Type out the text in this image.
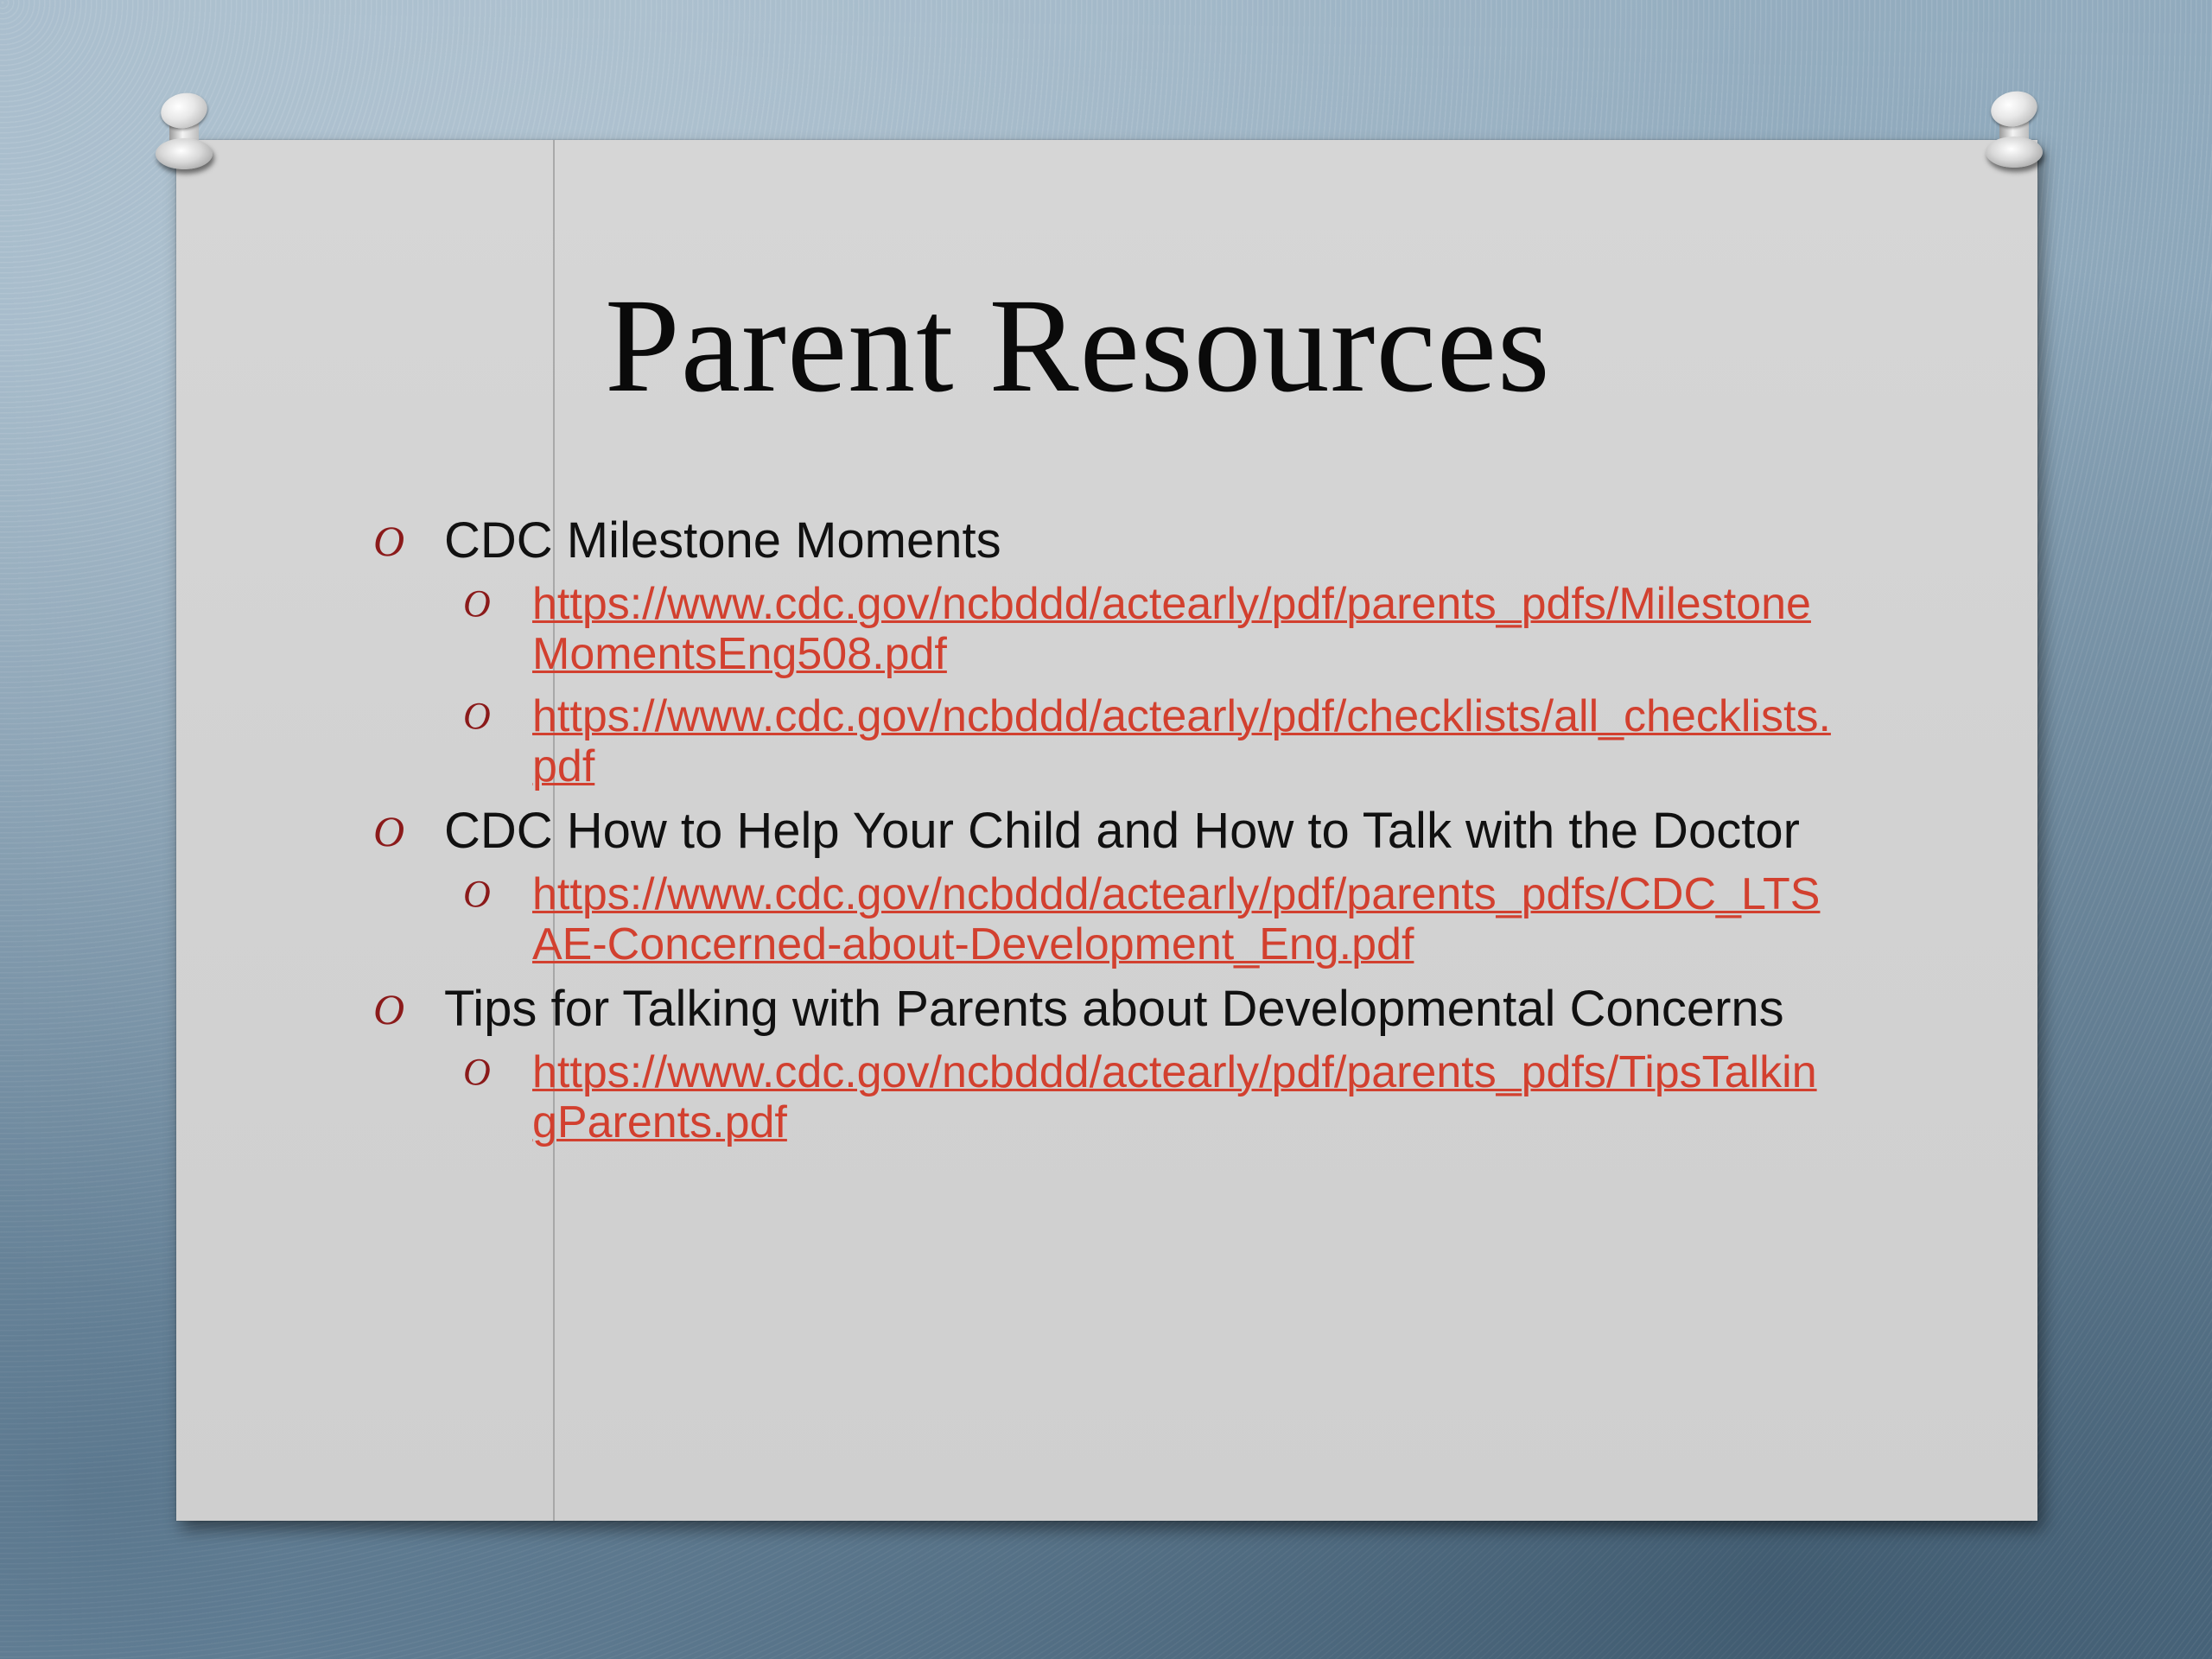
Parent Resources
O CDC Milestone Moments
O https://www.cdc.gov/ncbddd/actearly/pdf/parents_pdfs/MilestoneMomentsEng508.pdf
O https://www.cdc.gov/ncbddd/actearly/pdf/checklists/all_checklists.pdf
O CDC How to Help Your Child and How to Talk with the Doctor
O https://www.cdc.gov/ncbddd/actearly/pdf/parents_pdfs/CDC_LTSAE-Concerned-about-Development_Eng.pdf
O Tips for Talking with Parents about Developmental Concerns
O https://www.cdc.gov/ncbddd/actearly/pdf/parents_pdfs/TipsTalkingParents.pdf
